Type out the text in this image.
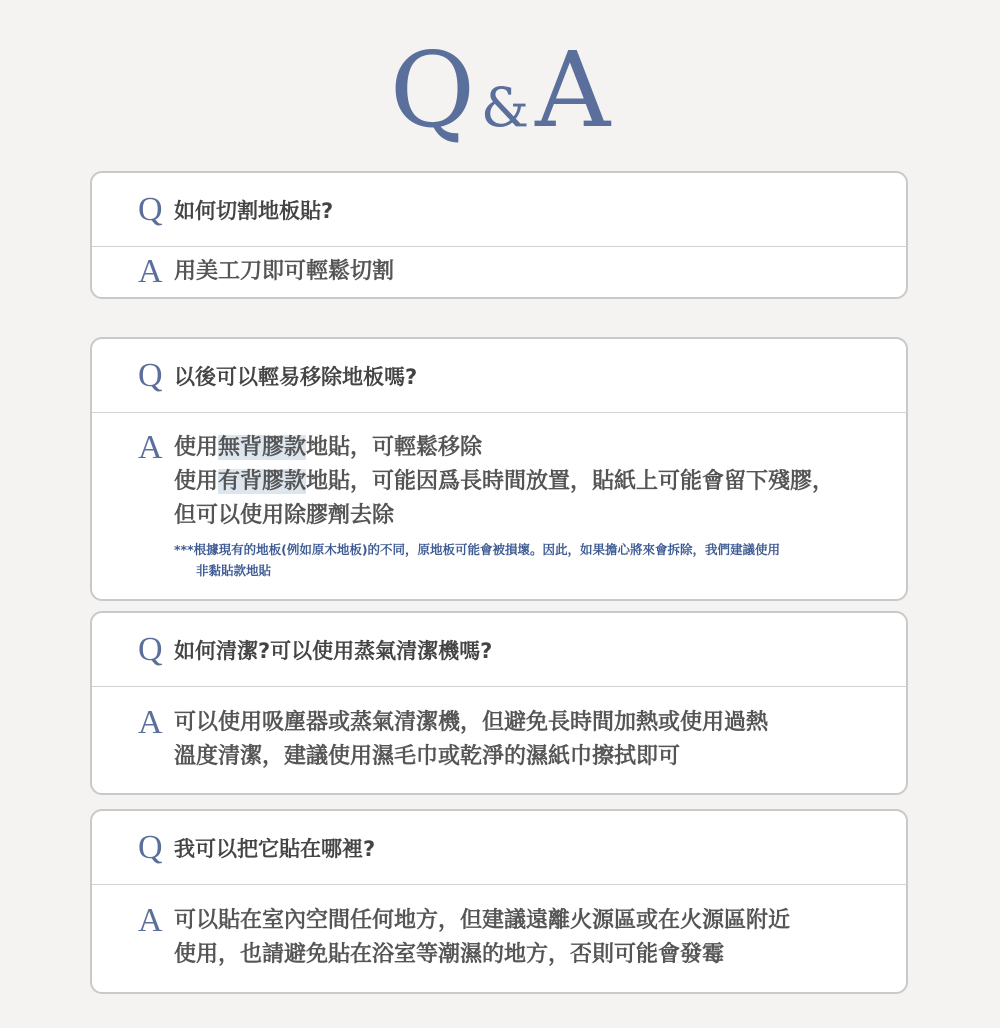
Q &A
Q 如何切割地板貼?
A 用美工刀即可輕鬆切割
Q 以後可以輕易移除地板嗎?
A 使用無背膠款地貼，可輕鬆移除
使用有背膠款地貼，可能因爲長時間放置，貼紙上可能會留下殘膠，
但可以使用除膠劑去除
***根據現有的地板(例如原木地板)的不同，原地板可能會被損壞。因此，如果擔心將來會拆除，我們建議使用
非黏貼款地貼
Q 如何清潔?可以使用蒸氣清潔機嗎?
A 可以使用吸塵器或蒸氣清潔機，但避免長時間加熱或使用過熱
溫度清潔，建議使用濕毛巾或乾淨的濕紙巾擦拭即可
Q 我可以把它貼在哪裡?
A 可以貼在室內空間任何地方，但建議遠離火源區或在火源區附近
使用，也請避免貼在浴室等潮濕的地方，否則可能會發霉
